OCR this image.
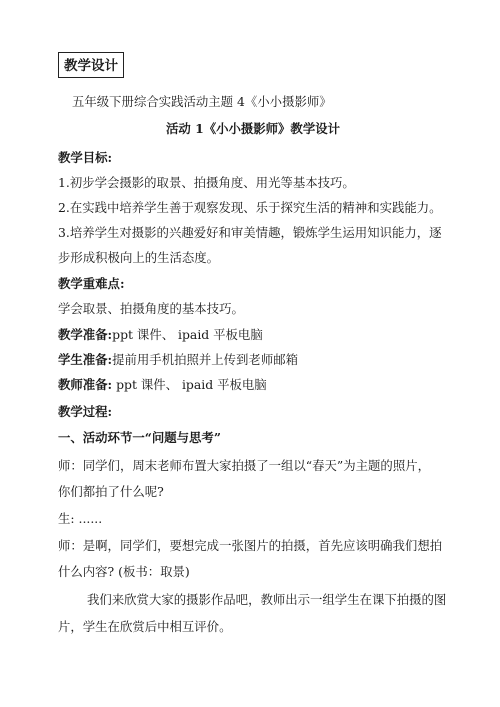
教学设计
五年级下册综合实践活动主题 4《小小摄影师》
活动 1《小小摄影师》教学设计
教学目标:
1.初步学会摄影的取景、拍摄角度、用光等基本技巧。
2.在实践中培养学生善于观察发现、乐于探究生活的精神和实践能力。
3.培养学生对摄影的兴趣爱好和审美情趣，锻炼学生运用知识能力，逐
步形成积极向上的生活态度。
教学重难点:
学会取景、拍摄角度的基本技巧。
教学准备:ppt 课件、 ipaid 平板电脑
学生准备:提前用手机拍照并上传到老师邮箱
教师准备: ppt 课件、 ipaid 平板电脑
教学过程:
一、活动环节一“问题与思考”
师：同学们，周末老师布置大家拍摄了一组以“春天”为主题的照片，
你们都拍了什么呢?
生: ......
师：是啊，同学们，要想完成一张图片的拍摄，首先应该明确我们想拍
什么内容? (板书：取景)
我们来欣赏大家的摄影作品吧，教师出示一组学生在课下拍摄的图
片，学生在欣赏后中相互评价。
